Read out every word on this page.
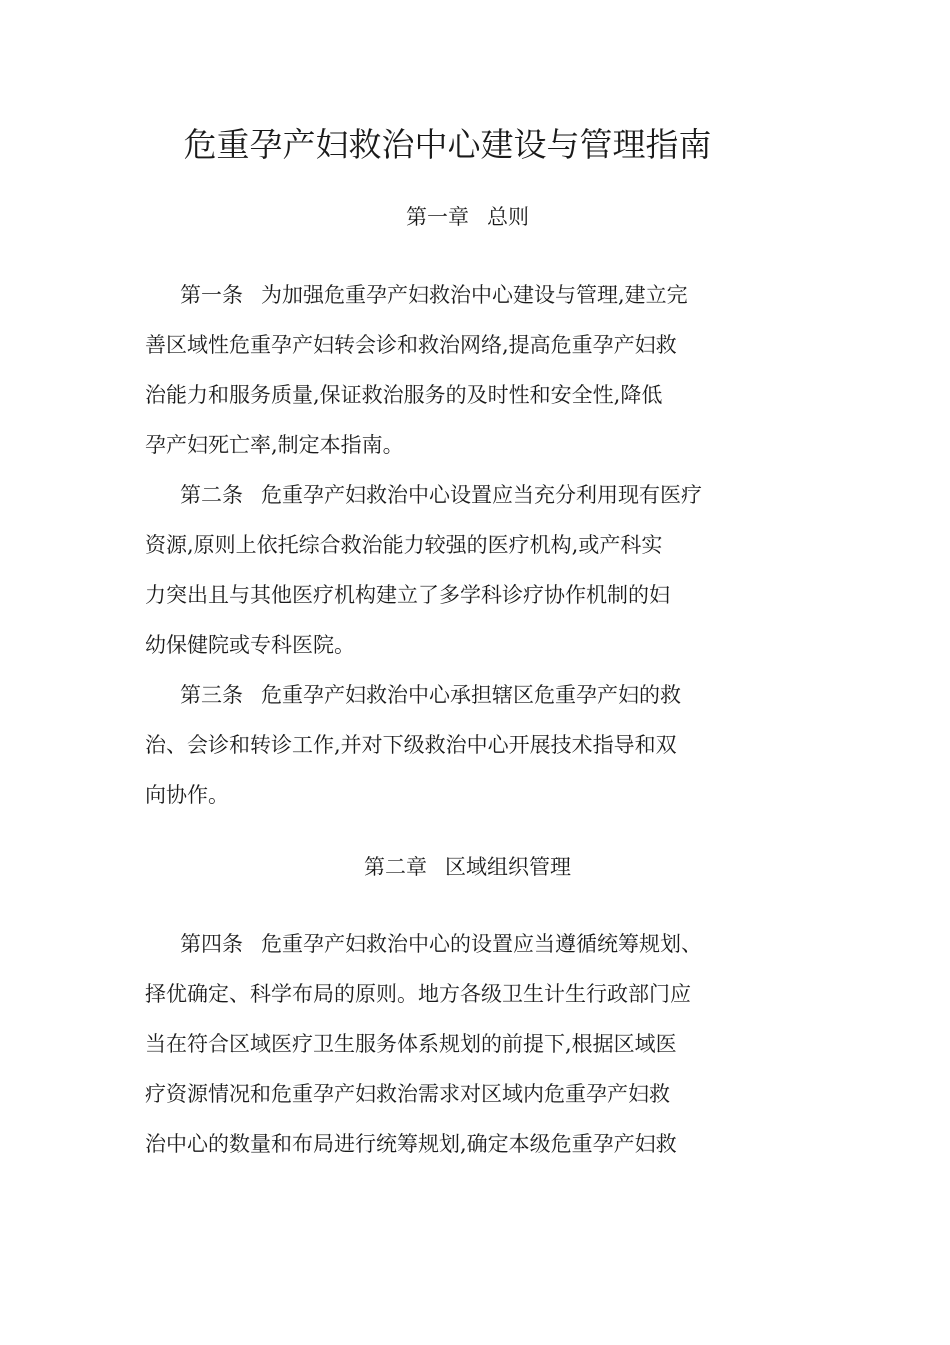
危重孕产妇救治中心建设与管理指南
第一章 总则
第一条 为加强危重孕产妇救治中心建设与管理,建立完
善区域性危重孕产妇转会诊和救治网络,提高危重孕产妇救
治能力和服务质量,保证救治服务的及时性和安全性,降低
孕产妇死亡率,制定本指南。
第二条 危重孕产妇救治中心设置应当充分利用现有医疗
资源,原则上依托综合救治能力较强的医疗机构,或产科实
力突出且与其他医疗机构建立了多学科诊疗协作机制的妇
幼保健院或专科医院。
第三条 危重孕产妇救治中心承担辖区危重孕产妇的救
治、会诊和转诊工作,并对下级救治中心开展技术指导和双
向协作。
第二章 区域组织管理
第四条 危重孕产妇救治中心的设置应当遵循统筹规划、
择优确定、科学布局的原则。地方各级卫生计生行政部门应
当在符合区域医疗卫生服务体系规划的前提下,根据区域医
疗资源情况和危重孕产妇救治需求对区域内危重孕产妇救
治中心的数量和布局进行统筹规划,确定本级危重孕产妇救
